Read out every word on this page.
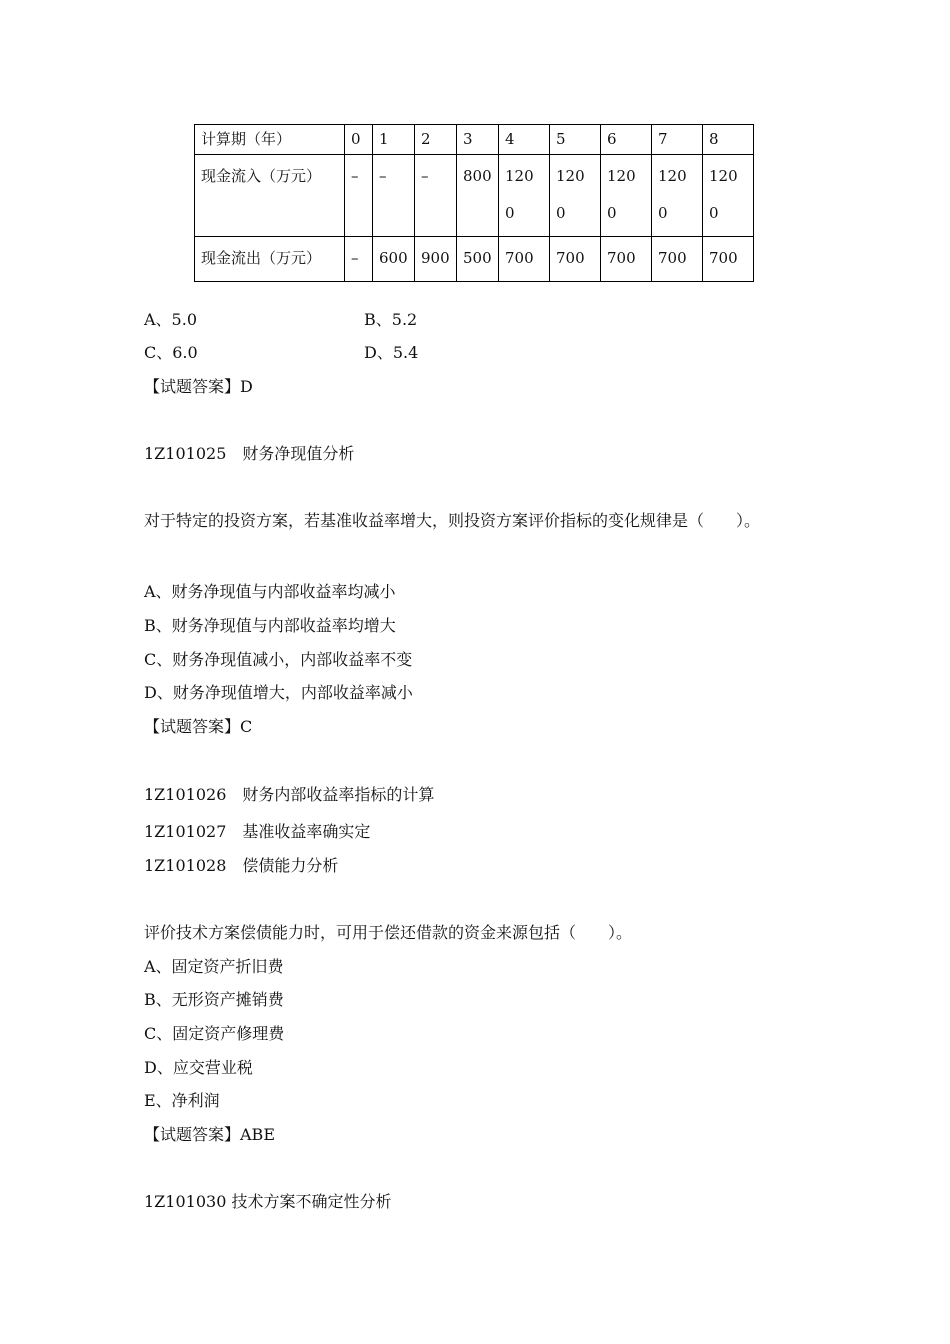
计算期（年）	0	1	2	3	4	5	6	7	8
现金流入（万元）	–	–	–	800	1200	1200	1200	1200	1200
现金流出（万元）	–	600	900	500	700	700	700	700	700
A、5.0	B、5.2
C、6.0	D、5.4
【试题答案】D
1Z101025　财务净现值分析
对于特定的投资方案，若基准收益率增大，则投资方案评价指标的变化规律是（　　）。
A、财务净现值与内部收益率均减小
B、财务净现值与内部收益率均增大
C、财务净现值减小，内部收益率不变
D、财务净现值增大，内部收益率减小
【试题答案】C
1Z101026　财务内部收益率指标的计算
1Z101027　基准收益率确实定
1Z101028　偿债能力分析
评价技术方案偿债能力时，可用于偿还借款的资金来源包括（　　）。
A、固定资产折旧费
B、无形资产摊销费
C、固定资产修理费
D、应交营业税
E、净利润
【试题答案】ABE
1Z101030 技术方案不确定性分析
